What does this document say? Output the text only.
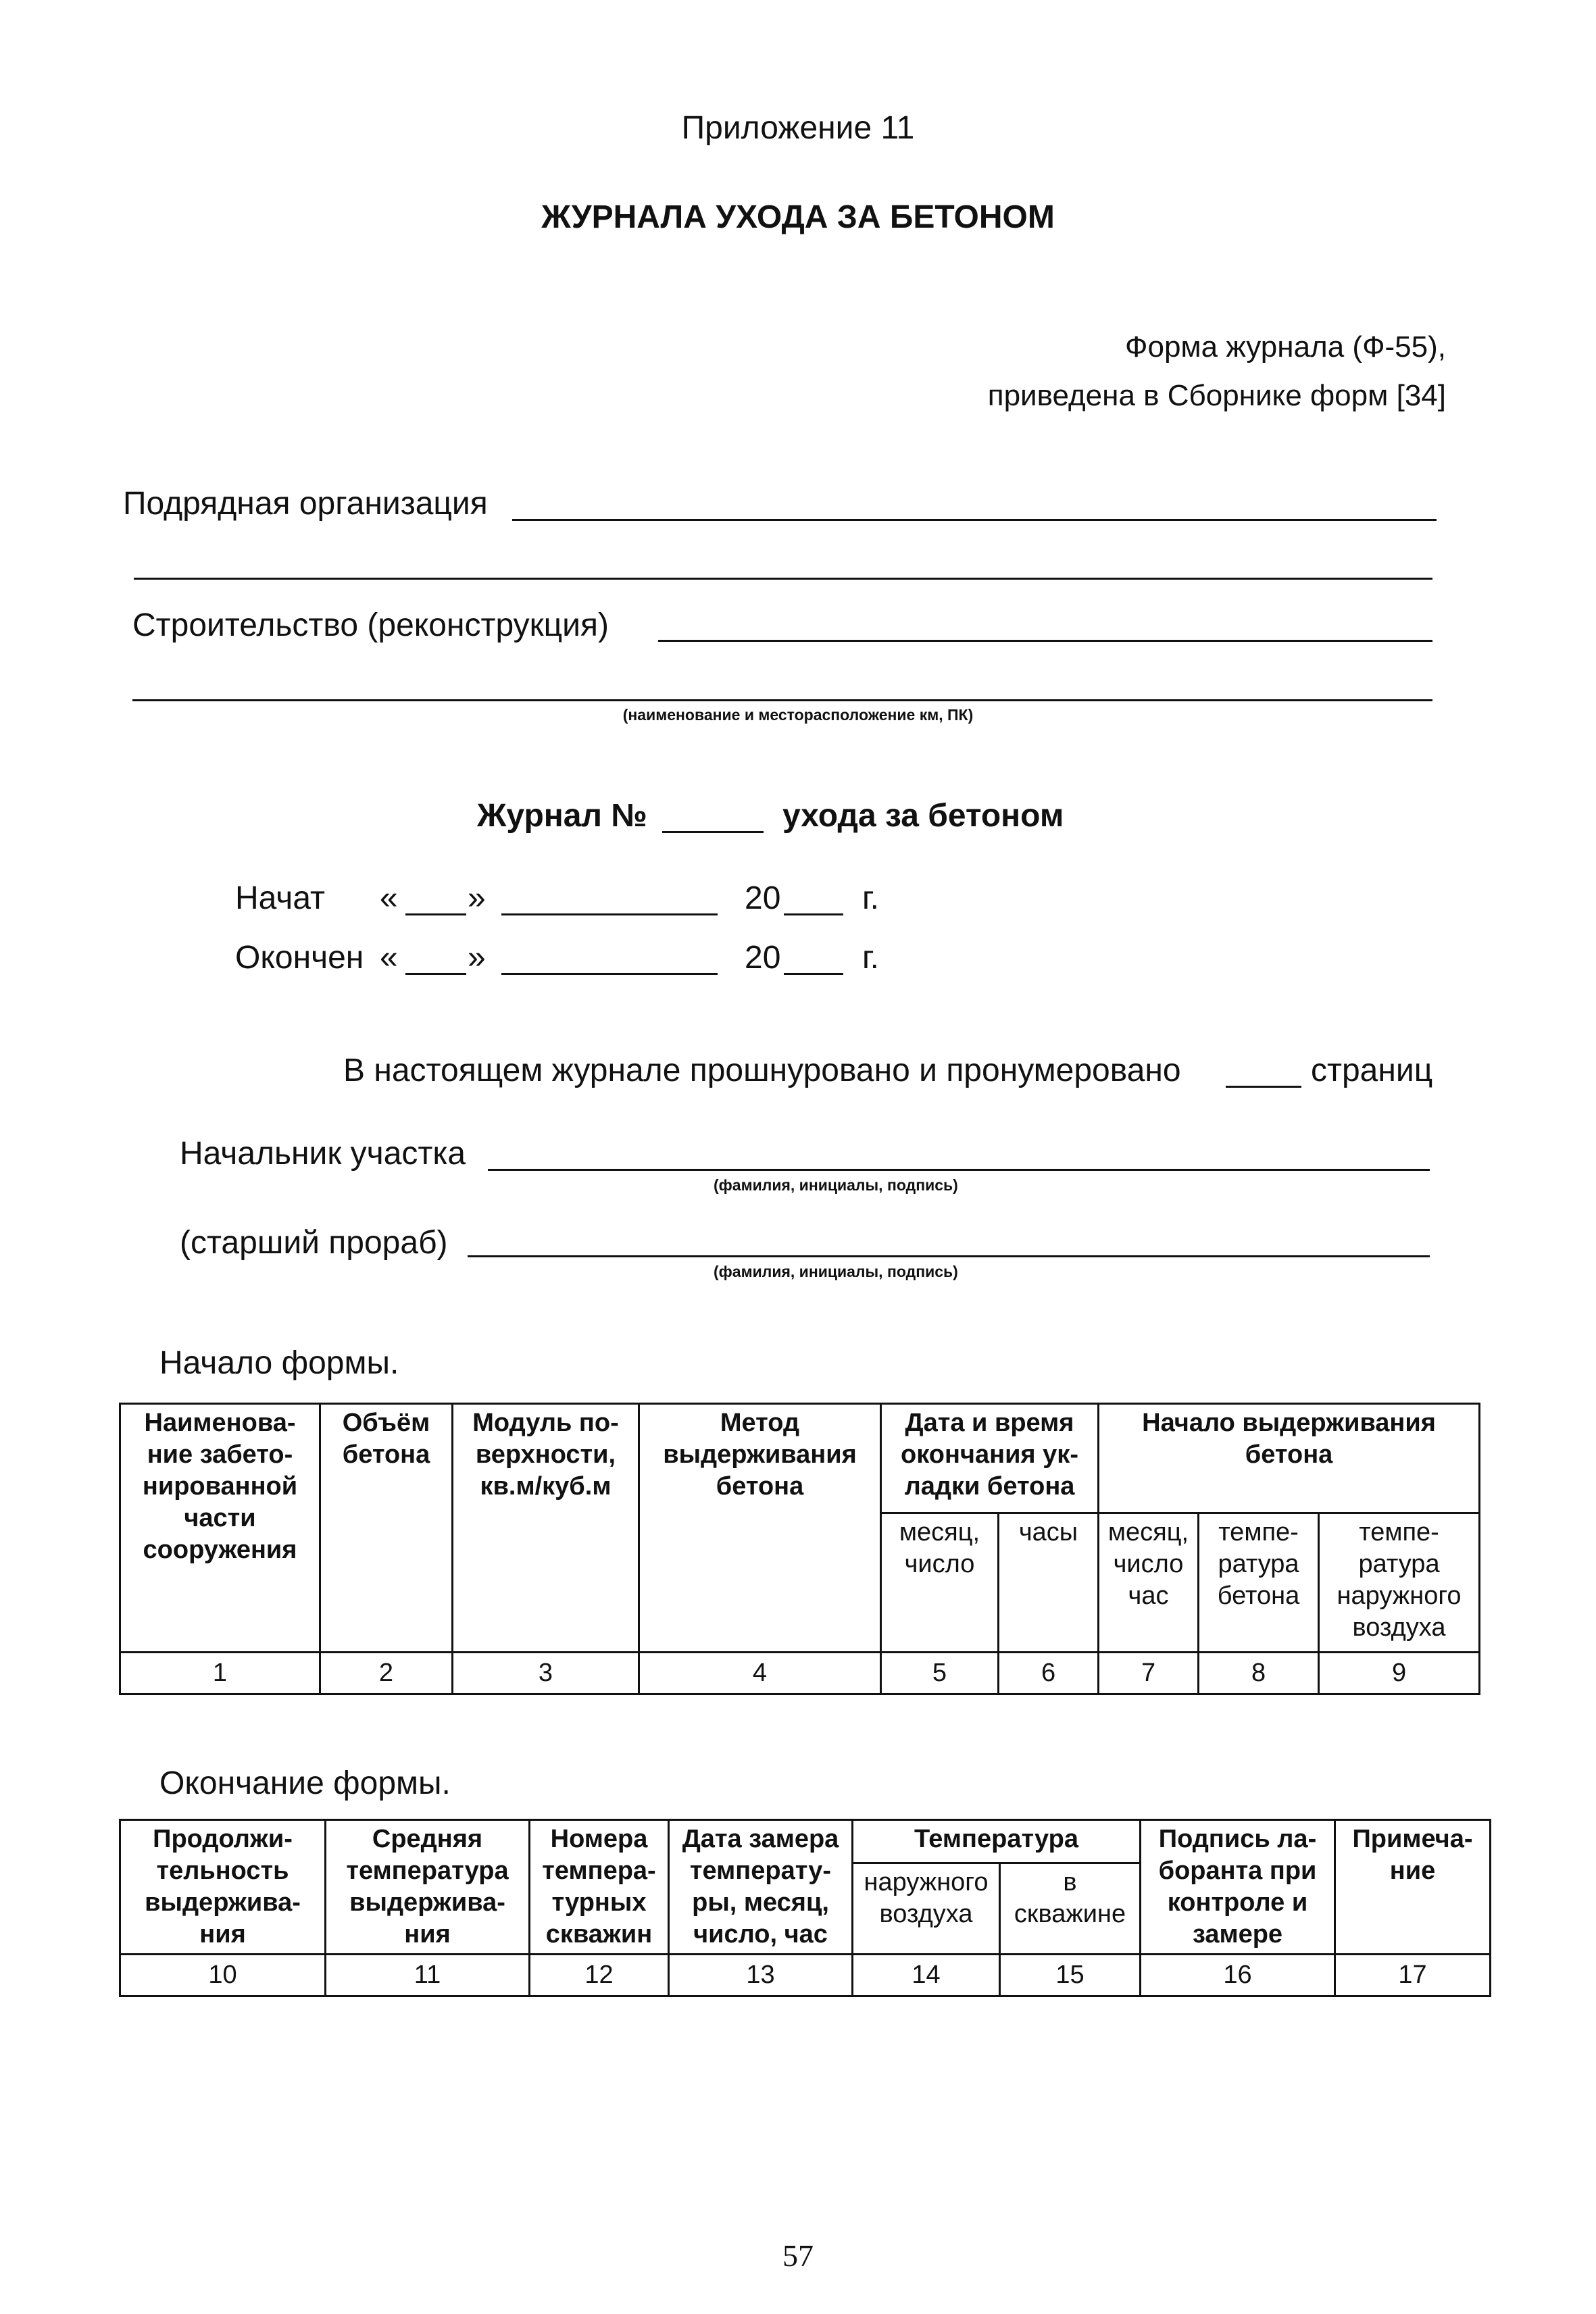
Приложение 11
ЖУРНАЛА УХОДА ЗА БЕТОНОМ
Форма журнала (Ф-55),
приведена в Сборнике форм [34]
Подрядная организация
Строительство (реконструкция)
(наименование и месторасположение км, ПК)
Журнал №	ухода за бетоном
Начат « »	20	г.
Окончен « »	20	г.
В настоящем журнале прошнуровано и пронумеровано	страниц
Начальник участка
(фамилия, инициалы, подпись)
(старший прораб)
(фамилия, инициалы, подпись)
Начало формы.
Наименова-
ние забето-
нированной
части
сооружения	Объём
бетона	Модуль по-
верхности,
кв.м/куб.м	Метод
выдерживания
бетона	Дата и время
окончания ук-
ладки бетона		Начало выдерживания
бетона		
				месяц,
число	часы	месяц,
число
час	темпе-
ратура
бетона	темпе-
ратура
наружного
воздуха
1	2	3	4	5	6	7	8	9
Окончание формы.
Продолжи-
тельность
выдержива-
ния	Средняя
температура
выдержива-
ния	Номера
темпера-
турных
скважин	Дата замера
температу-
ры, месяц,
число, час	Температура		Подпись ла-
боранта при
контроле и
замере	Примеча-
ние
				наружного
воздуха	в
скважине		
10	11	12	13	14	15	16	17
57
